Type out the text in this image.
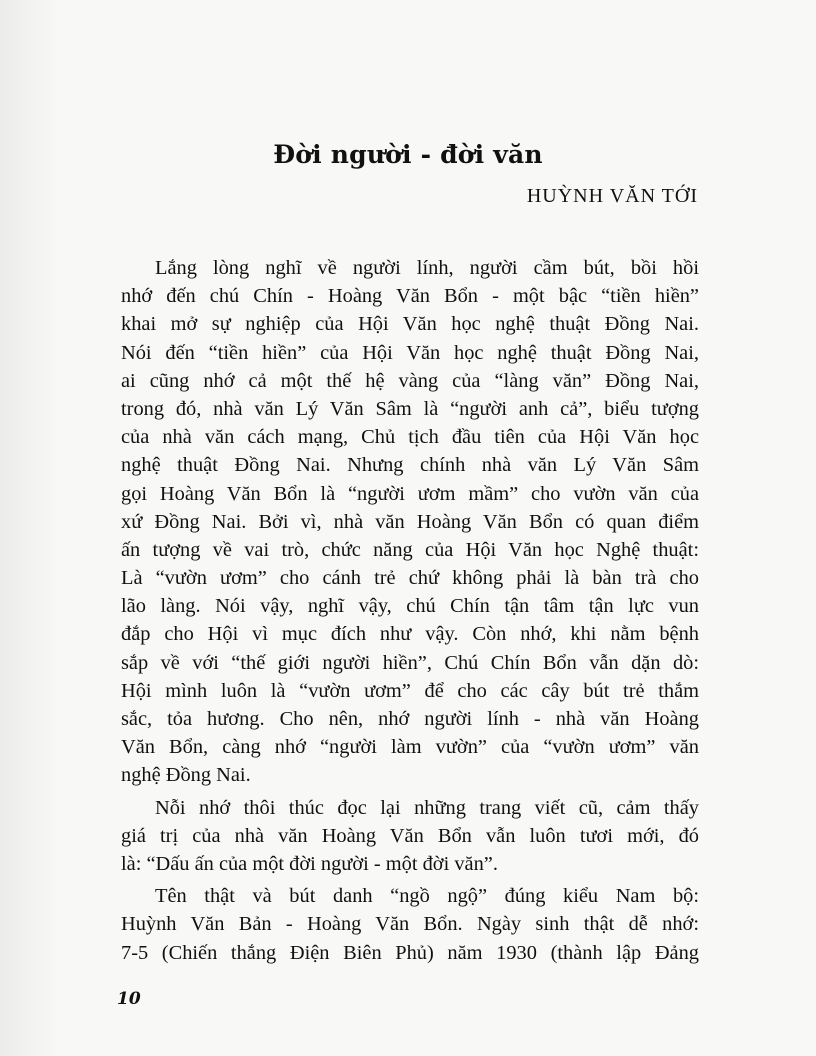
Đời người - đời văn

HUỲNH VĂN TỚI

Lắng lòng nghĩ về người lính, người cầm bút, bồi hồi
nhớ đến chú Chín - Hoàng Văn Bổn - một bậc “tiền hiền”
khai mở sự nghiệp của Hội Văn học nghệ thuật Đồng Nai.
Nói đến “tiền hiền” của Hội Văn học nghệ thuật Đồng Nai,
ai cũng nhớ cả một thế hệ vàng của “làng văn” Đồng Nai,
trong đó, nhà văn Lý Văn Sâm là “người anh cả”, biểu tượng
của nhà văn cách mạng, Chủ tịch đầu tiên của Hội Văn học
nghệ thuật Đồng Nai. Nhưng chính nhà văn Lý Văn Sâm
gọi Hoàng Văn Bổn là “người ươm mầm” cho vườn văn của
xứ Đồng Nai. Bởi vì, nhà văn Hoàng Văn Bổn có quan điểm
ấn tượng về vai trò, chức năng của Hội Văn học Nghệ thuật:
Là “vườn ươm” cho cánh trẻ chứ không phải là bàn trà cho
lão làng. Nói vậy, nghĩ vậy, chú Chín tận tâm tận lực vun
đắp cho Hội vì mục đích như vậy. Còn nhớ, khi nằm bệnh
sắp về với “thế giới người hiền”, Chú Chín Bổn vẫn dặn dò:
Hội mình luôn là “vườn ươm” để cho các cây bút trẻ thắm
sắc, tỏa hương. Cho nên, nhớ người lính - nhà văn Hoàng
Văn Bổn, càng nhớ “người làm vườn” của “vườn ươm” văn
nghệ Đồng Nai.
Nỗi nhớ thôi thúc đọc lại những trang viết cũ, cảm thấy
giá trị của nhà văn Hoàng Văn Bổn vẫn luôn tươi mới, đó
là: “Dấu ấn của một đời người - một đời văn”.
Tên thật và bút danh “ngồ ngộ” đúng kiểu Nam bộ:
Huỳnh Văn Bản - Hoàng Văn Bổn. Ngày sinh thật dễ nhớ:
7-5 (Chiến thắng Điện Biên Phủ) năm 1930 (thành lập Đảng

10
